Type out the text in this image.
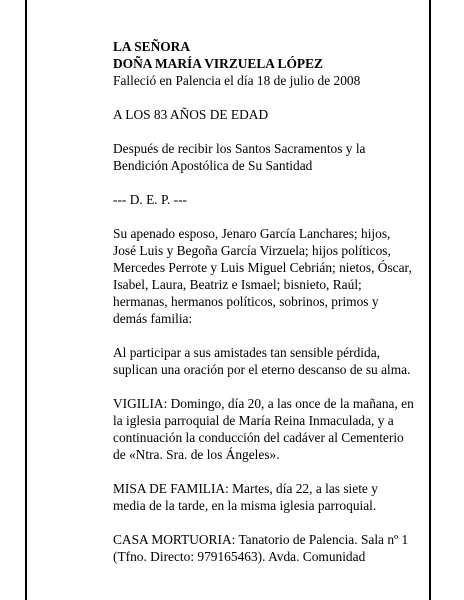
LA SEÑORA

DOÑA MARÍA VIRZUELA LÓPEZ

Falleció en Palencia el día 18 de julio de 2008

A LOS 83 AÑOS DE EDAD

Después de recibir los Santos Sacramentos y la
Bendición Apostólica de Su Santidad

--- D. E. P. ---

Su apenado esposo, Jenaro García Lanchares; hijos,
José Luis y Begoña García Virzuela; hijos políticos,
Mercedes Perrote y Luis Miguel Cebrián; nietos, Óscar,
Isabel, Laura, Beatriz e Ismael; bisnieto, Raúl;
hermanas, hermanos políticos, sobrinos, primos y
demás familia:
Al participar a sus amistades tan sensible pérdida,
suplican una oración por el eterno descanso de su alma.
VIGILIA: Domingo, día 20, a las once de la mañana, en
la iglesia parroquial de María Reina Inmaculada, y a
continuación la conducción del cadáver al Cementerio
de «Ntra. Sra. de los Ángeles».
MISA DE FAMILIA: Martes, día 22, a las siete y
media de la tarde, en la misma iglesia parroquial.
CASA MORTUORIA: Tanatorio de Palencia. Sala nº 1
(Tfno. Directo: 979165463). Avda. Comunidad
